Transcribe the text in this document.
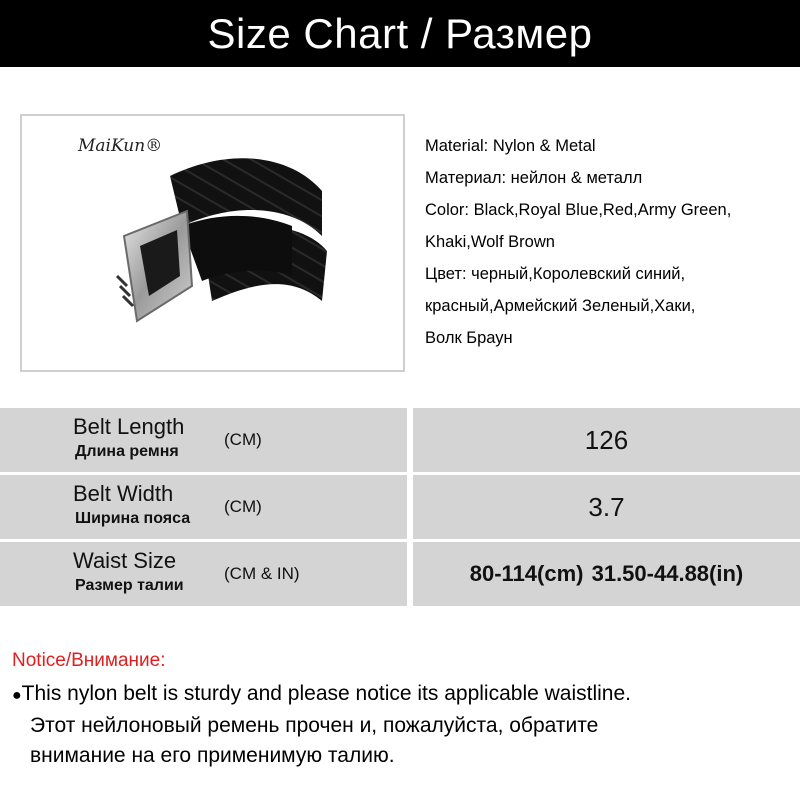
Size Chart / Размер
MaiKun®	Material: Nylon & Metal
Материал: нейлон & металл
Color: Black,Royal Blue,Red,Army Green,
Khaki,Wolf Brown
Цвет: черный,Королевский синий,
красный,Армейский Зеленый,Хаки,
Волк Браун
Belt Length
Длина ремня
(CM)	126
Belt Width
Ширина пояса
(CM)	3.7
Waist Size
Размер талии
(CM & IN)	80-114(cm) 31.50-44.88(in)
Notice/Внимание:
●This nylon belt is sturdy and please notice its applicable waistline.
Этот нейлоновый ремень прочен и, пожалуйста, обратите
внимание на его применимую талию.
